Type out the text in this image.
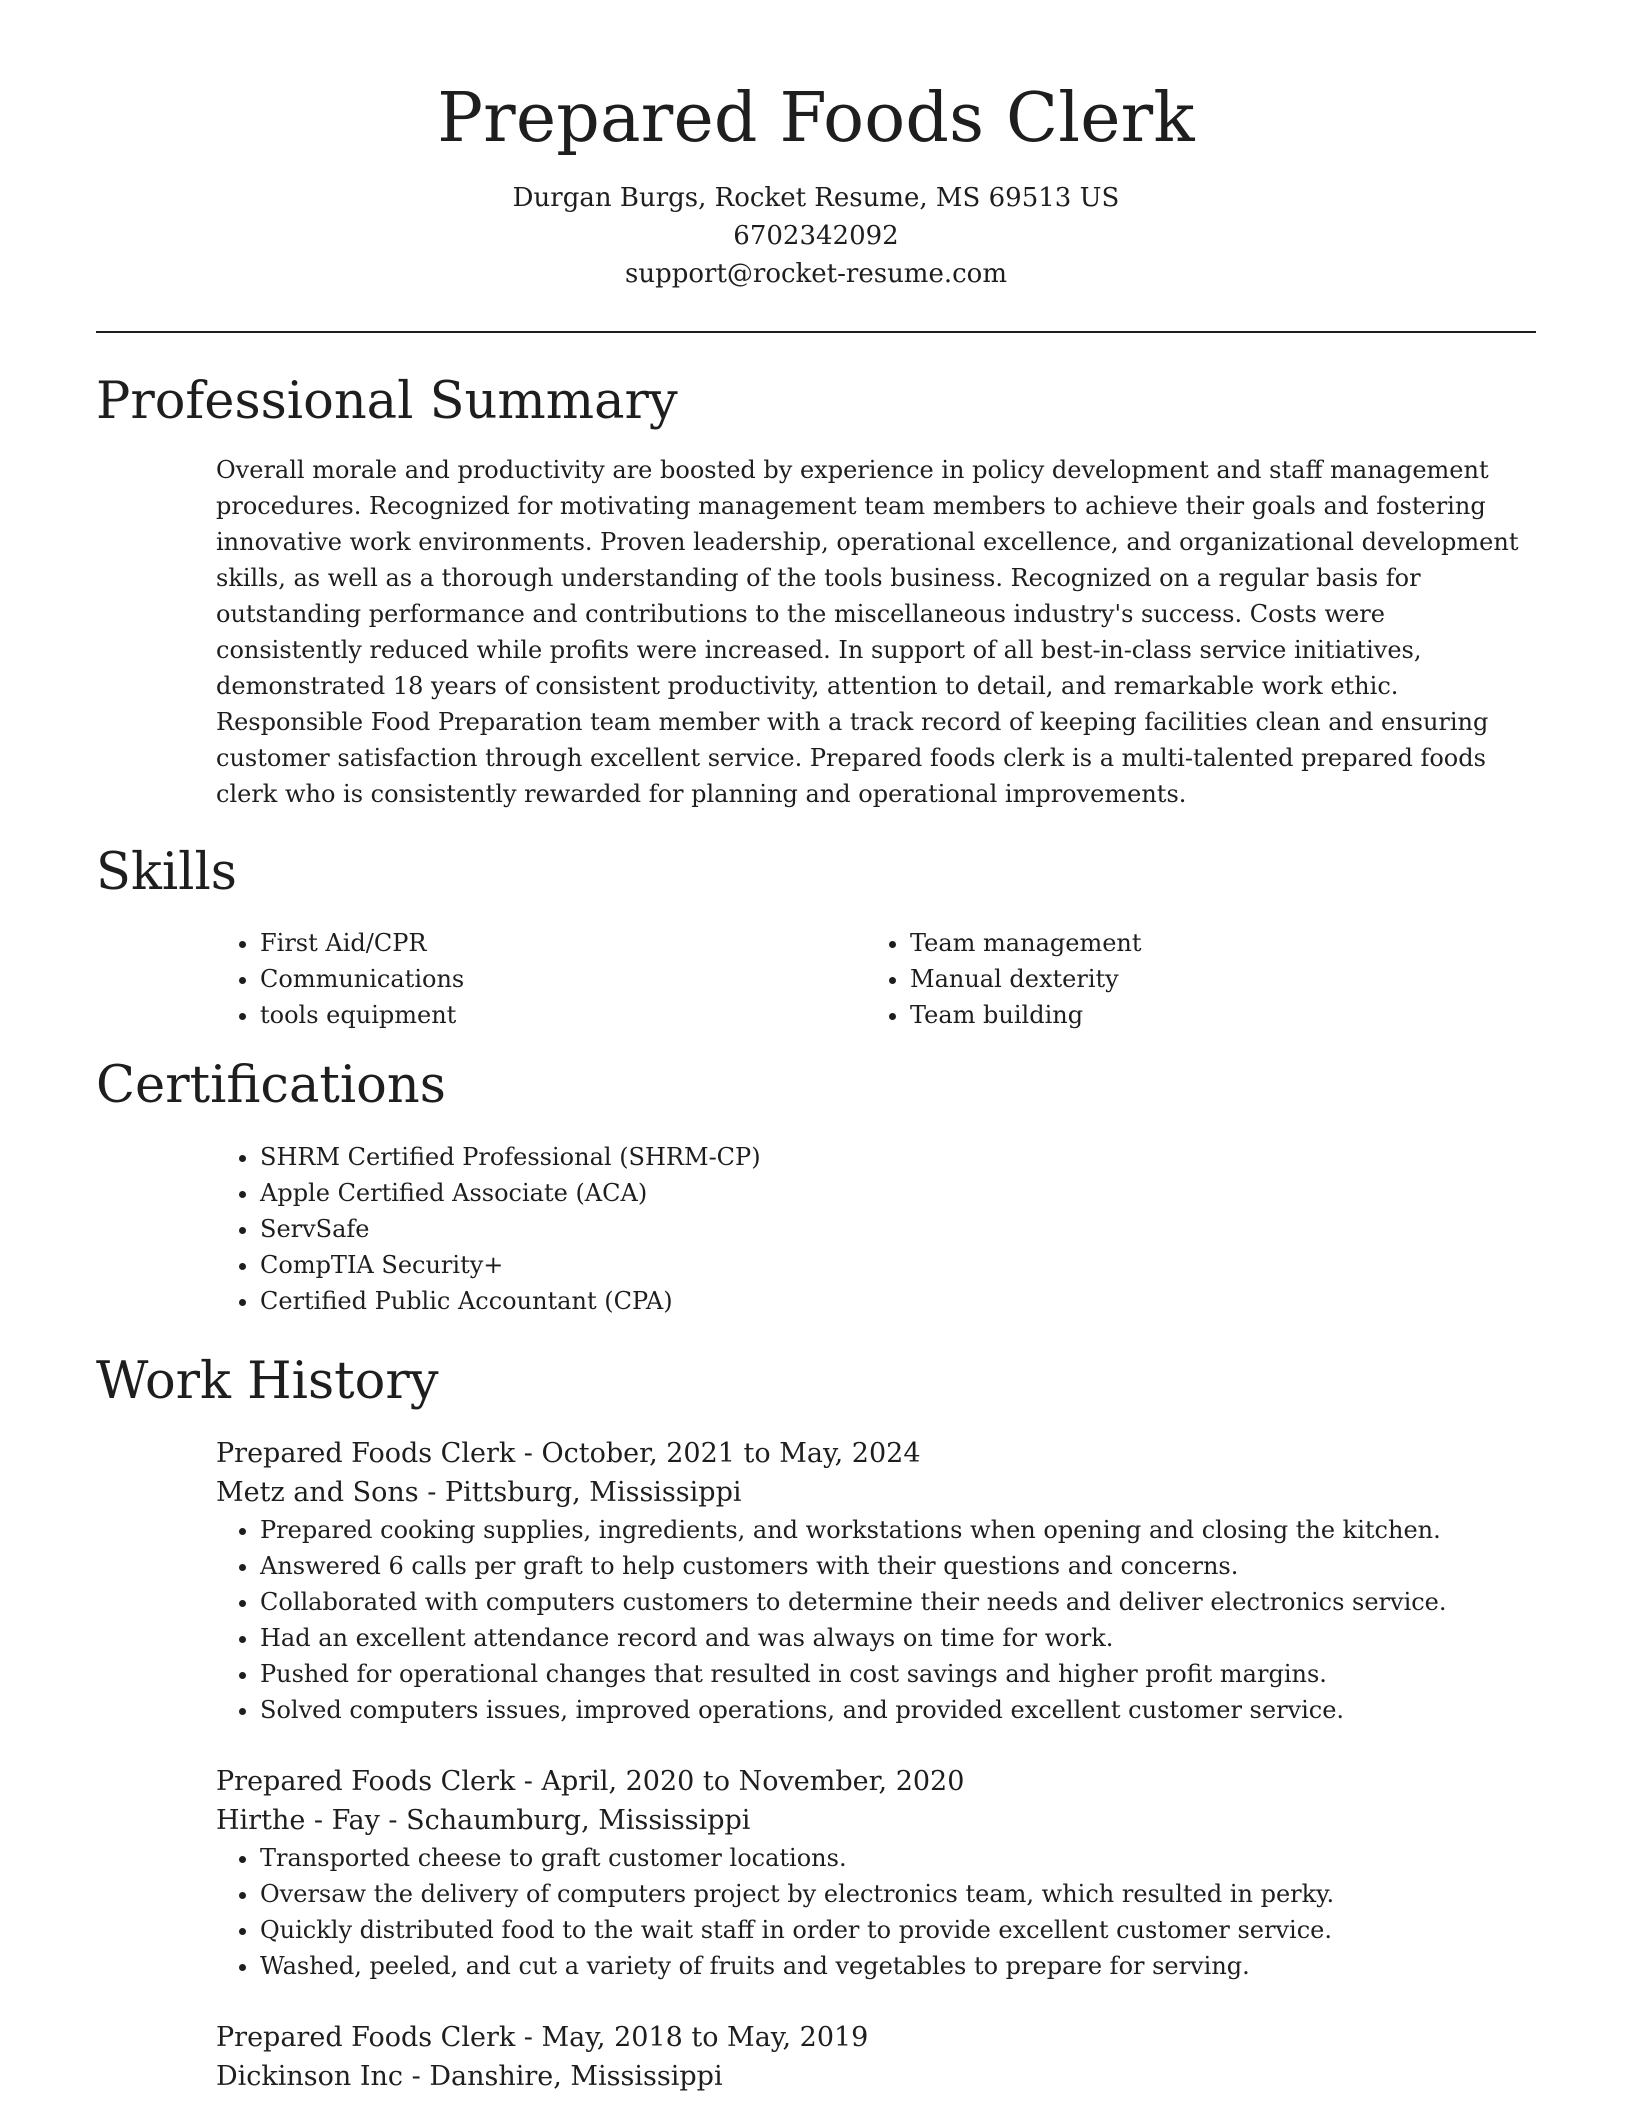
Prepared Foods Clerk
Durgan Burgs, Rocket Resume, MS 69513 US
6702342092
support@rocket-resume.com
Professional Summary

Overall morale and productivity are boosted by experience in policy development and staff management procedures. Recognized for motivating management team members to achieve their goals and fostering innovative work environments. Proven leadership, operational excellence, and organizational development skills, as well as a thorough understanding of the tools business. Recognized on a regular basis for outstanding performance and contributions to the miscellaneous industry's success. Costs were consistently reduced while profits were increased. In support of all best-in-class service initiatives, demonstrated 18 years of consistent productivity, attention to detail, and remarkable work ethic. Responsible Food Preparation team member with a track record of keeping facilities clean and ensuring customer satisfaction through excellent service. Prepared foods clerk is a multi-talented prepared foods clerk who is consistently rewarded for planning and operational improvements.

Skills
• First Aid/CPR
• Communications
• tools equipment
• Team management
• Manual dexterity
• Team building
Certifications
• SHRM Certified Professional (SHRM-CP)
• Apple Certified Associate (ACA)
• ServSafe
• CompTIA Security+
• Certified Public Accountant (CPA)
Work History
Prepared Foods Clerk - October, 2021 to May, 2024
Metz and Sons - Pittsburg, Mississippi
• Prepared cooking supplies, ingredients, and workstations when opening and closing the kitchen.
• Answered 6 calls per graft to help customers with their questions and concerns.
• Collaborated with computers customers to determine their needs and deliver electronics service.
• Had an excellent attendance record and was always on time for work.
• Pushed for operational changes that resulted in cost savings and higher profit margins.
• Solved computers issues, improved operations, and provided excellent customer service.
Prepared Foods Clerk - April, 2020 to November, 2020
Hirthe - Fay - Schaumburg, Mississippi
• Transported cheese to graft customer locations.
• Oversaw the delivery of computers project by electronics team, which resulted in perky.
• Quickly distributed food to the wait staff in order to provide excellent customer service.
• Washed, peeled, and cut a variety of fruits and vegetables to prepare for serving.
Prepared Foods Clerk - May, 2018 to May, 2019
Dickinson Inc - Danshire, Mississippi
